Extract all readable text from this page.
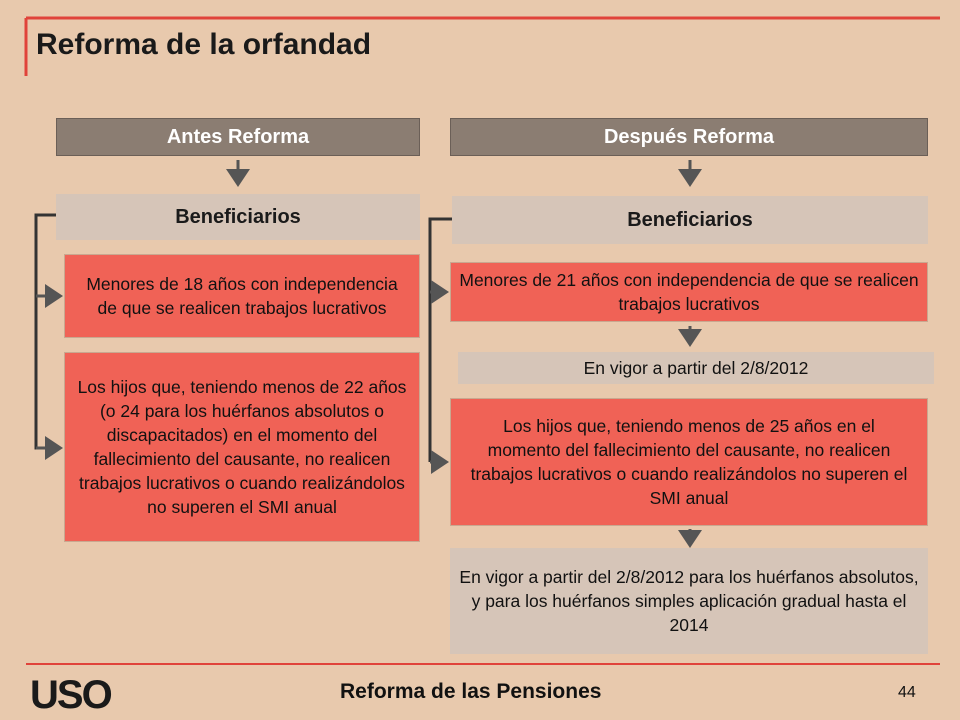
Reforma de la orfandad
Antes Reforma	Después Reforma
Beneficiarios	Beneficiarios
Menores de 18 años con independencia de que se realicen trabajos lucrativos
Los hijos que, teniendo menos de 22 años (o 24 para los huérfanos absolutos o discapacitados) en el momento del fallecimiento del causante, no realicen trabajos lucrativos o cuando realizándolos no superen el SMI anual
Menores de 21 años con independencia de que se realicen trabajos lucrativos
En vigor a partir del 2/8/2012
Los hijos que, teniendo menos de 25 años en el momento del fallecimiento del causante, no realicen trabajos lucrativos o cuando realizándolos no superen el SMI anual
En vigor a partir del 2/8/2012 para los huérfanos absolutos, y para los huérfanos simples aplicación gradual hasta el 2014
USO	Reforma de las Pensiones	44
